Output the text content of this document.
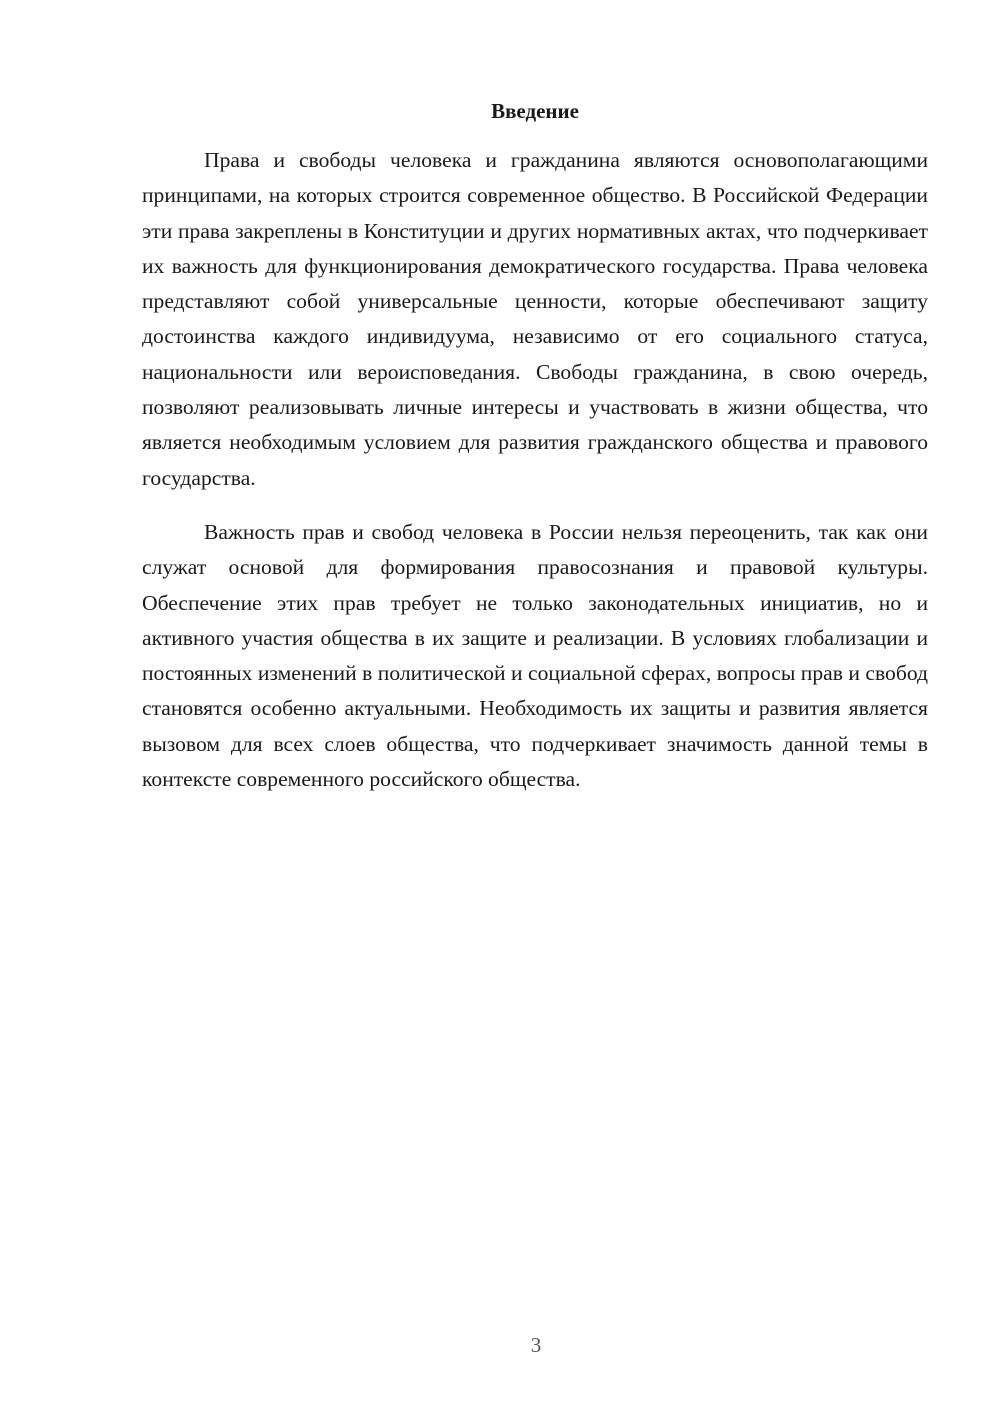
Введение

Права и свободы человека и гражданина являются основополагающими принципами, на которых строится современное общество. В Российской Федерации эти права закреплены в Конституции и других нормативных актах, что подчеркивает их важность для функционирования демократического государства. Права человека представляют собой универсальные ценности, которые обеспечивают защиту достоинства каждого индивидуума, независимо от его социального статуса, национальности или вероисповедания. Свободы гражданина, в свою очередь, позволяют реализовывать личные интересы и участвовать в жизни общества, что является необходимым условием для развития гражданского общества и правового государства.

Важность прав и свобод человека в России нельзя переоценить, так как они служат основой для формирования правосознания и правовой культуры. Обеспечение этих прав требует не только законодательных инициатив, но и активного участия общества в их защите и реализации. В условиях глобализации и постоянных изменений в политической и социальной сферах, вопросы прав и свобод становятся особенно актуальными. Необходимость их защиты и развития является вызовом для всех слоев общества, что подчеркивает значимость данной темы в контексте современного российского общества.

3
